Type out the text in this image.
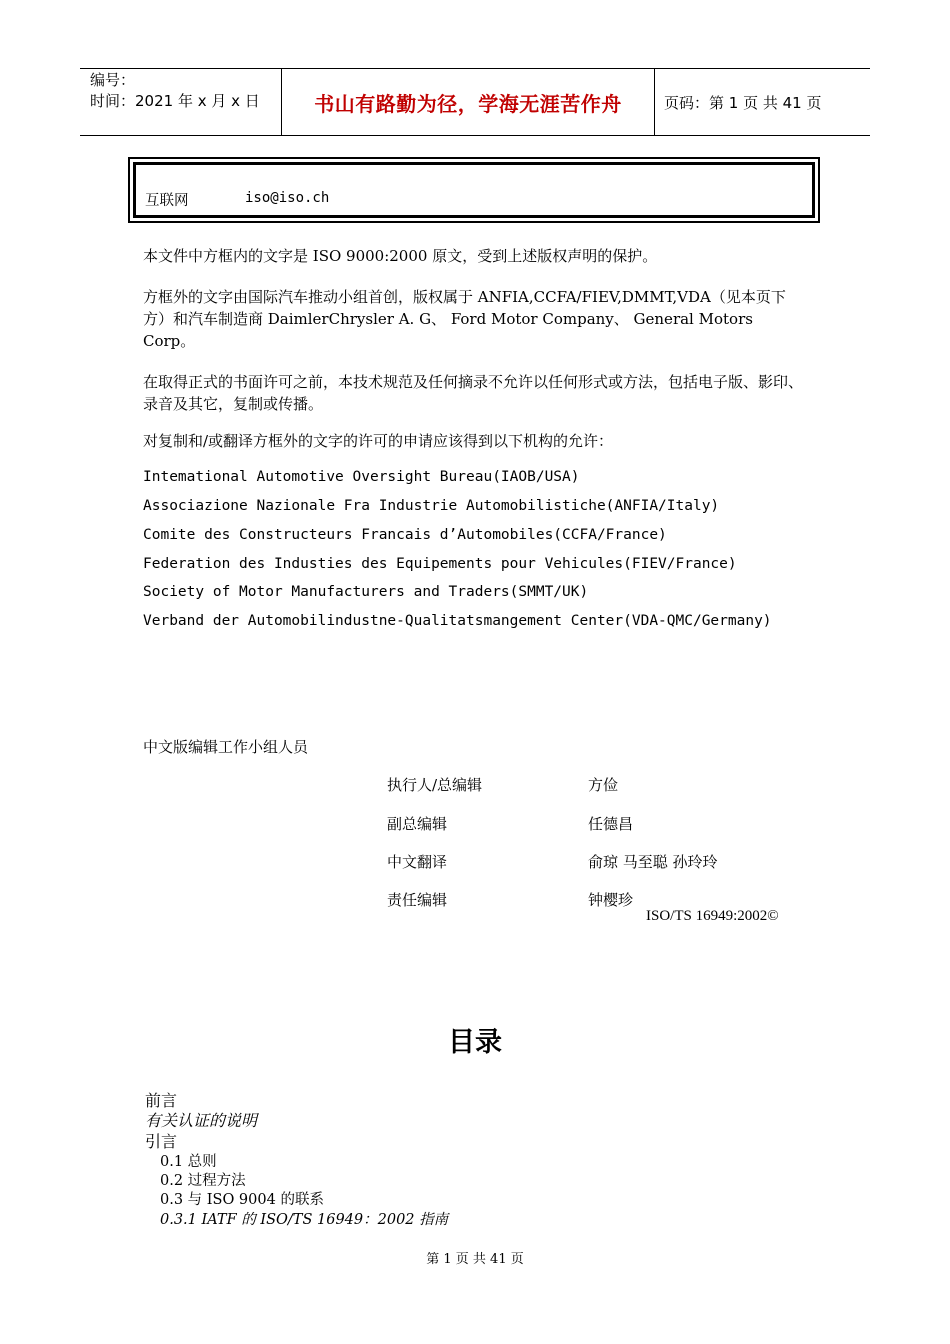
编号：
时间：2021 年 x 月 x 日	书山有路勤为径，学海无涯苦作舟	页码：第 1 页 共 41 页
互联网	iso@iso.ch
本文件中方框内的文字是 ISO 9000:2000 原文，受到上述版权声明的保护。
方框外的文字由国际汽车推动小组首创，版权属于 ANFIA,CCFA/FIEV,DMMT,VDA（见本页下方）和汽车制造商 DaimlerChrysler A. G、 Ford Motor Company、 General Motors Corp。
在取得正式的书面许可之前，本技术规范及任何摘录不允许以任何形式或方法，包括电子版、影印、录音及其它，复制或传播。
对复制和/或翻译方框外的文字的许可的申请应该得到以下机构的允许：
Intemational Automotive Oversight Bureau(IAOB/USA)
Associazione Nazionale Fra Industrie Automobilistiche(ANFIA/Italy)
Comite des Constructeurs Francais d’Automobiles(CCFA/France)
Federation des Industies des Equipements pour Vehicules(FIEV/France)
Society of Motor Manufacturers and Traders(SMMT/UK)
Verband der Automobilindustne-Qualitatsmangement Center(VDA-QMC/Germany)
中文版编辑工作小组人员
执行人/总编辑	方俭
副总编辑	任德昌
中文翻译	俞琼 马至聪 孙玲玲
责任编辑	钟樱珍
ISO/TS 16949:2002©
目录
前言
有关认证的说明
引言
0.1 总则
0.2 过程方法
0.3 与 ISO 9004 的联系
0.3.1 IATF 的 ISO/TS 16949：2002 指南
第 1 页 共 41 页
